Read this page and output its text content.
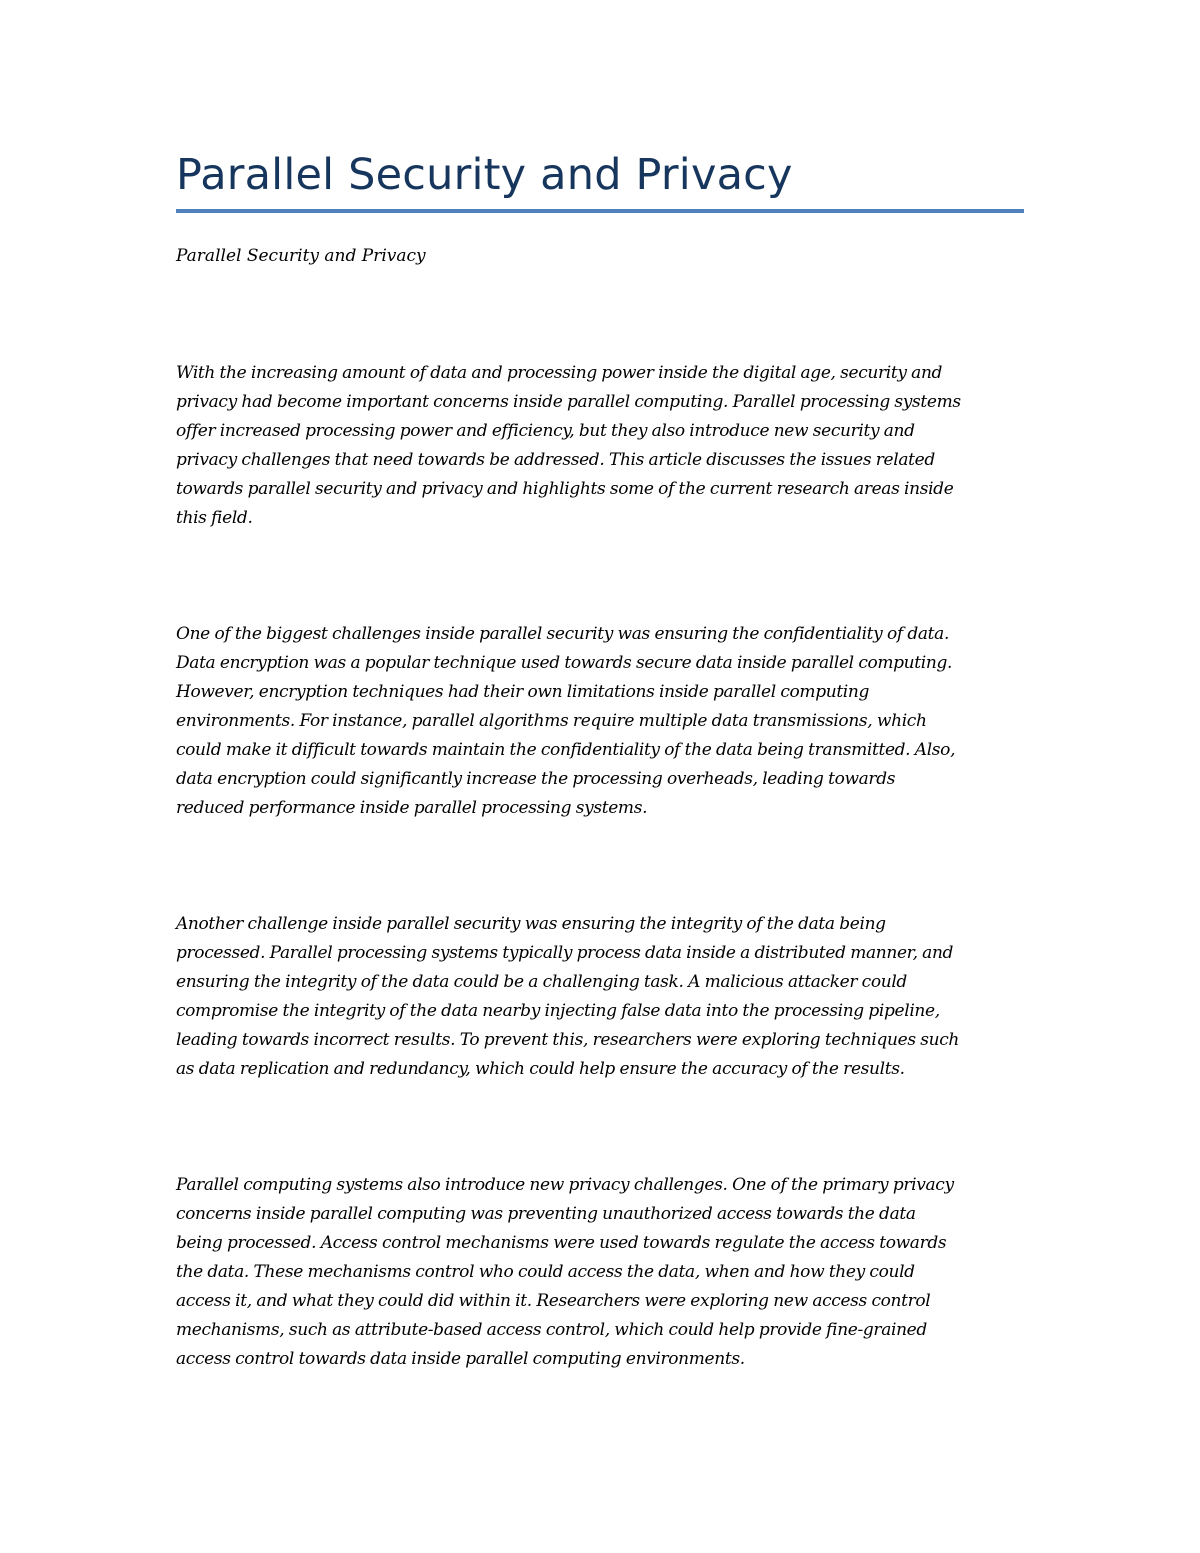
Parallel Security and Privacy

Parallel Security and Privacy

With the increasing amount of data and processing power inside the digital age, security and
privacy had become important concerns inside parallel computing. Parallel processing systems
offer increased processing power and efficiency, but they also introduce new security and
privacy challenges that need towards be addressed. This article discusses the issues related
towards parallel security and privacy and highlights some of the current research areas inside
this field.

One of the biggest challenges inside parallel security was ensuring the confidentiality of data.
Data encryption was a popular technique used towards secure data inside parallel computing.
However, encryption techniques had their own limitations inside parallel computing
environments. For instance, parallel algorithms require multiple data transmissions, which
could make it difficult towards maintain the confidentiality of the data being transmitted. Also,
data encryption could significantly increase the processing overheads, leading towards
reduced performance inside parallel processing systems.

Another challenge inside parallel security was ensuring the integrity of the data being
processed. Parallel processing systems typically process data inside a distributed manner, and
ensuring the integrity of the data could be a challenging task. A malicious attacker could
compromise the integrity of the data nearby injecting false data into the processing pipeline,
leading towards incorrect results. To prevent this, researchers were exploring techniques such
as data replication and redundancy, which could help ensure the accuracy of the results.

Parallel computing systems also introduce new privacy challenges. One of the primary privacy
concerns inside parallel computing was preventing unauthorized access towards the data
being processed. Access control mechanisms were used towards regulate the access towards
the data. These mechanisms control who could access the data, when and how they could
access it, and what they could did within it. Researchers were exploring new access control
mechanisms, such as attribute-based access control, which could help provide fine-grained
access control towards data inside parallel computing environments.
